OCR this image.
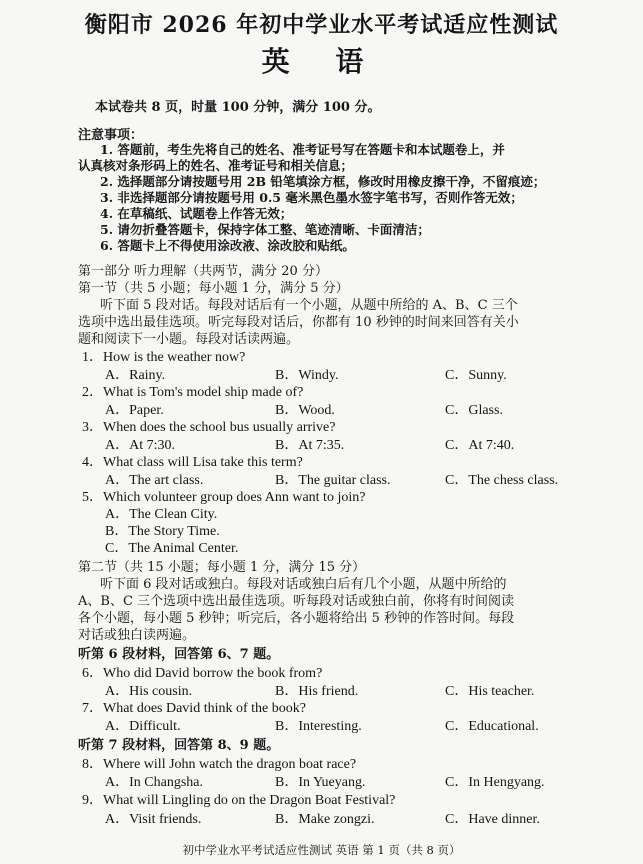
衡阳市 2026 年初中学业水平考试适应性测试
英 语
本试卷共 8 页，时量 100 分钟，满分 100 分。
注意事项：
1. 答题前，考生先将自己的姓名、准考证号写在答题卡和本试题卷上，并
认真核对条形码上的姓名、准考证号和相关信息；
2. 选择题部分请按题号用 2B 铅笔填涂方框，修改时用橡皮擦干净，不留痕迹；
3. 非选择题部分请按题号用 0.5 毫米黑色墨水签字笔书写，否则作答无效；
4. 在草稿纸、试题卷上作答无效；
5. 请勿折叠答题卡，保持字体工整、笔迹清晰、卡面清洁；
6. 答题卡上不得使用涂改液、涂改胶和贴纸。
第一部分 听力理解（共两节，满分 20 分）
第一节（共 5 小题；每小题 1 分，满分 5 分）
听下面 5 段对话。每段对话后有一个小题，从题中所给的 A、B、C 三个
选项中选出最佳选项。听完每段对话后，你都有 10 秒钟的时间来回答有关小
题和阅读下一小题。每段对话读两遍。
1．How is the weather now?
A．Rainy.	B．Windy.	C．Sunny.
2．What is Tom's model ship made of?
A．Paper.	B．Wood.	C．Glass.
3．When does the school bus usually arrive?
A．At 7:30.	B．At 7:35.	C．At 7:40.
4．What class will Lisa take this term?
A．The art class.	B．The guitar class.	C．The chess class.
5．Which volunteer group does Ann want to join?
A．The Clean City.
B．The Story Time.
C．The Animal Center.
第二节（共 15 小题；每小题 1 分，满分 15 分）
听下面 6 段对话或独白。每段对话或独白后有几个小题，从题中所给的
A、B、C 三个选项中选出最佳选项。听每段对话或独白前，你将有时间阅读
各个小题，每小题 5 秒钟；听完后，各小题将给出 5 秒钟的作答时间。每段
对话或独白读两遍。
听第 6 段材料，回答第 6、7 题。
6．Who did David borrow the book from?
A．His cousin.	B．His friend.	C．His teacher.
7．What does David think of the book?
A．Difficult.	B．Interesting.	C．Educational.
听第 7 段材料，回答第 8、9 题。
8．Where will John watch the dragon boat race?
A．In Changsha.	B．In Yueyang.	C．In Hengyang.
9．What will Lingling do on the Dragon Boat Festival?
A．Visit friends.	B．Make zongzi.	C．Have dinner.
初中学业水平考试适应性测试 英语 第 1 页（共 8 页）
